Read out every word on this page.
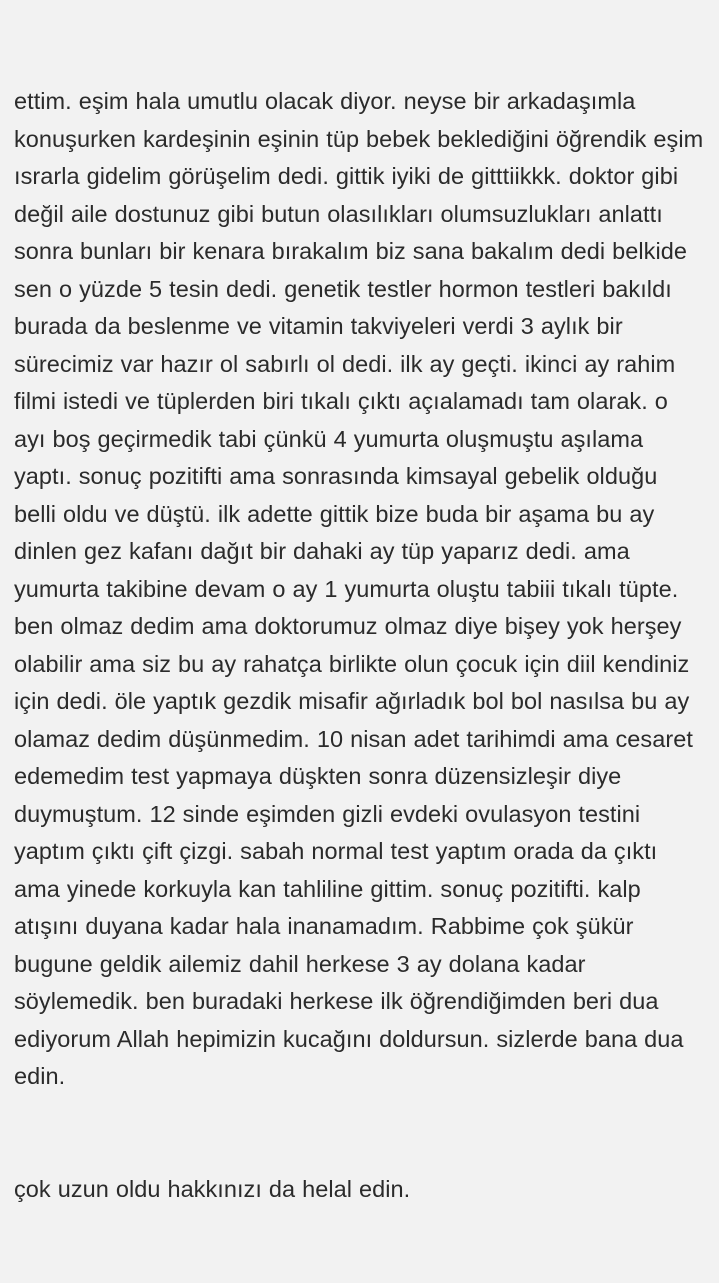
ettim. eşim hala umutlu olacak diyor. neyse bir arkadaşımla konuşurken kardeşinin eşinin tüp bebek beklediğini öğrendik eşim ısrarla gidelim görüşelim dedi. gittik iyiki de gitttiikkk. doktor gibi değil aile dostunuz gibi butun olasılıkları olumsuzlukları anlattı sonra bunları bir kenara bırakalım biz sana bakalım dedi belkide sen o yüzde 5 tesin dedi. genetik testler hormon testleri bakıldı burada da beslenme ve vitamin takviyeleri verdi 3 aylık bir sürecimiz var hazır ol sabırlı ol dedi. ilk ay geçti. ikinci ay rahim filmi istedi ve tüplerden biri tıkalı çıktı açıalamadı tam olarak. o ayı boş geçirmedik tabi çünkü 4 yumurta oluşmuştu aşılama yaptı. sonuç pozitifti ama sonrasında kimsayal gebelik olduğu belli oldu ve düştü. ilk adette gittik bize buda bir aşama bu ay dinlen gez kafanı dağıt bir dahaki ay tüp yaparız dedi. ama yumurta takibine devam o ay 1 yumurta oluştu tabiii tıkalı tüpte. ben olmaz dedim ama doktorumuz olmaz diye bişey yok herşey olabilir ama siz bu ay rahatça birlikte olun çocuk için diil kendiniz için dedi. öle yaptık gezdik misafir ağırladık bol bol nasılsa bu ay olamaz dedim düşünmedim. 10 nisan adet tarihimdi ama cesaret edemedim test yapmaya düşkten sonra düzensizleşir diye duymuştum. 12 sinde eşimden gizli evdeki ovulasyon testini yaptım çıktı çift çizgi. sabah normal test yaptım orada da çıktı ama yinede korkuyla kan tahliline gittim. sonuç pozitifti. kalp atışını duyana kadar hala inanamadım. Rabbime çok şükür bugune geldik ailemiz dahil herkese 3 ay dolana kadar söylemedik. ben buradaki herkese ilk öğrendiğimden beri dua ediyorum Allah hepimizin kucağını doldursun. sizlerde bana dua edin.

çok uzun oldu hakkınızı da helal edin.
